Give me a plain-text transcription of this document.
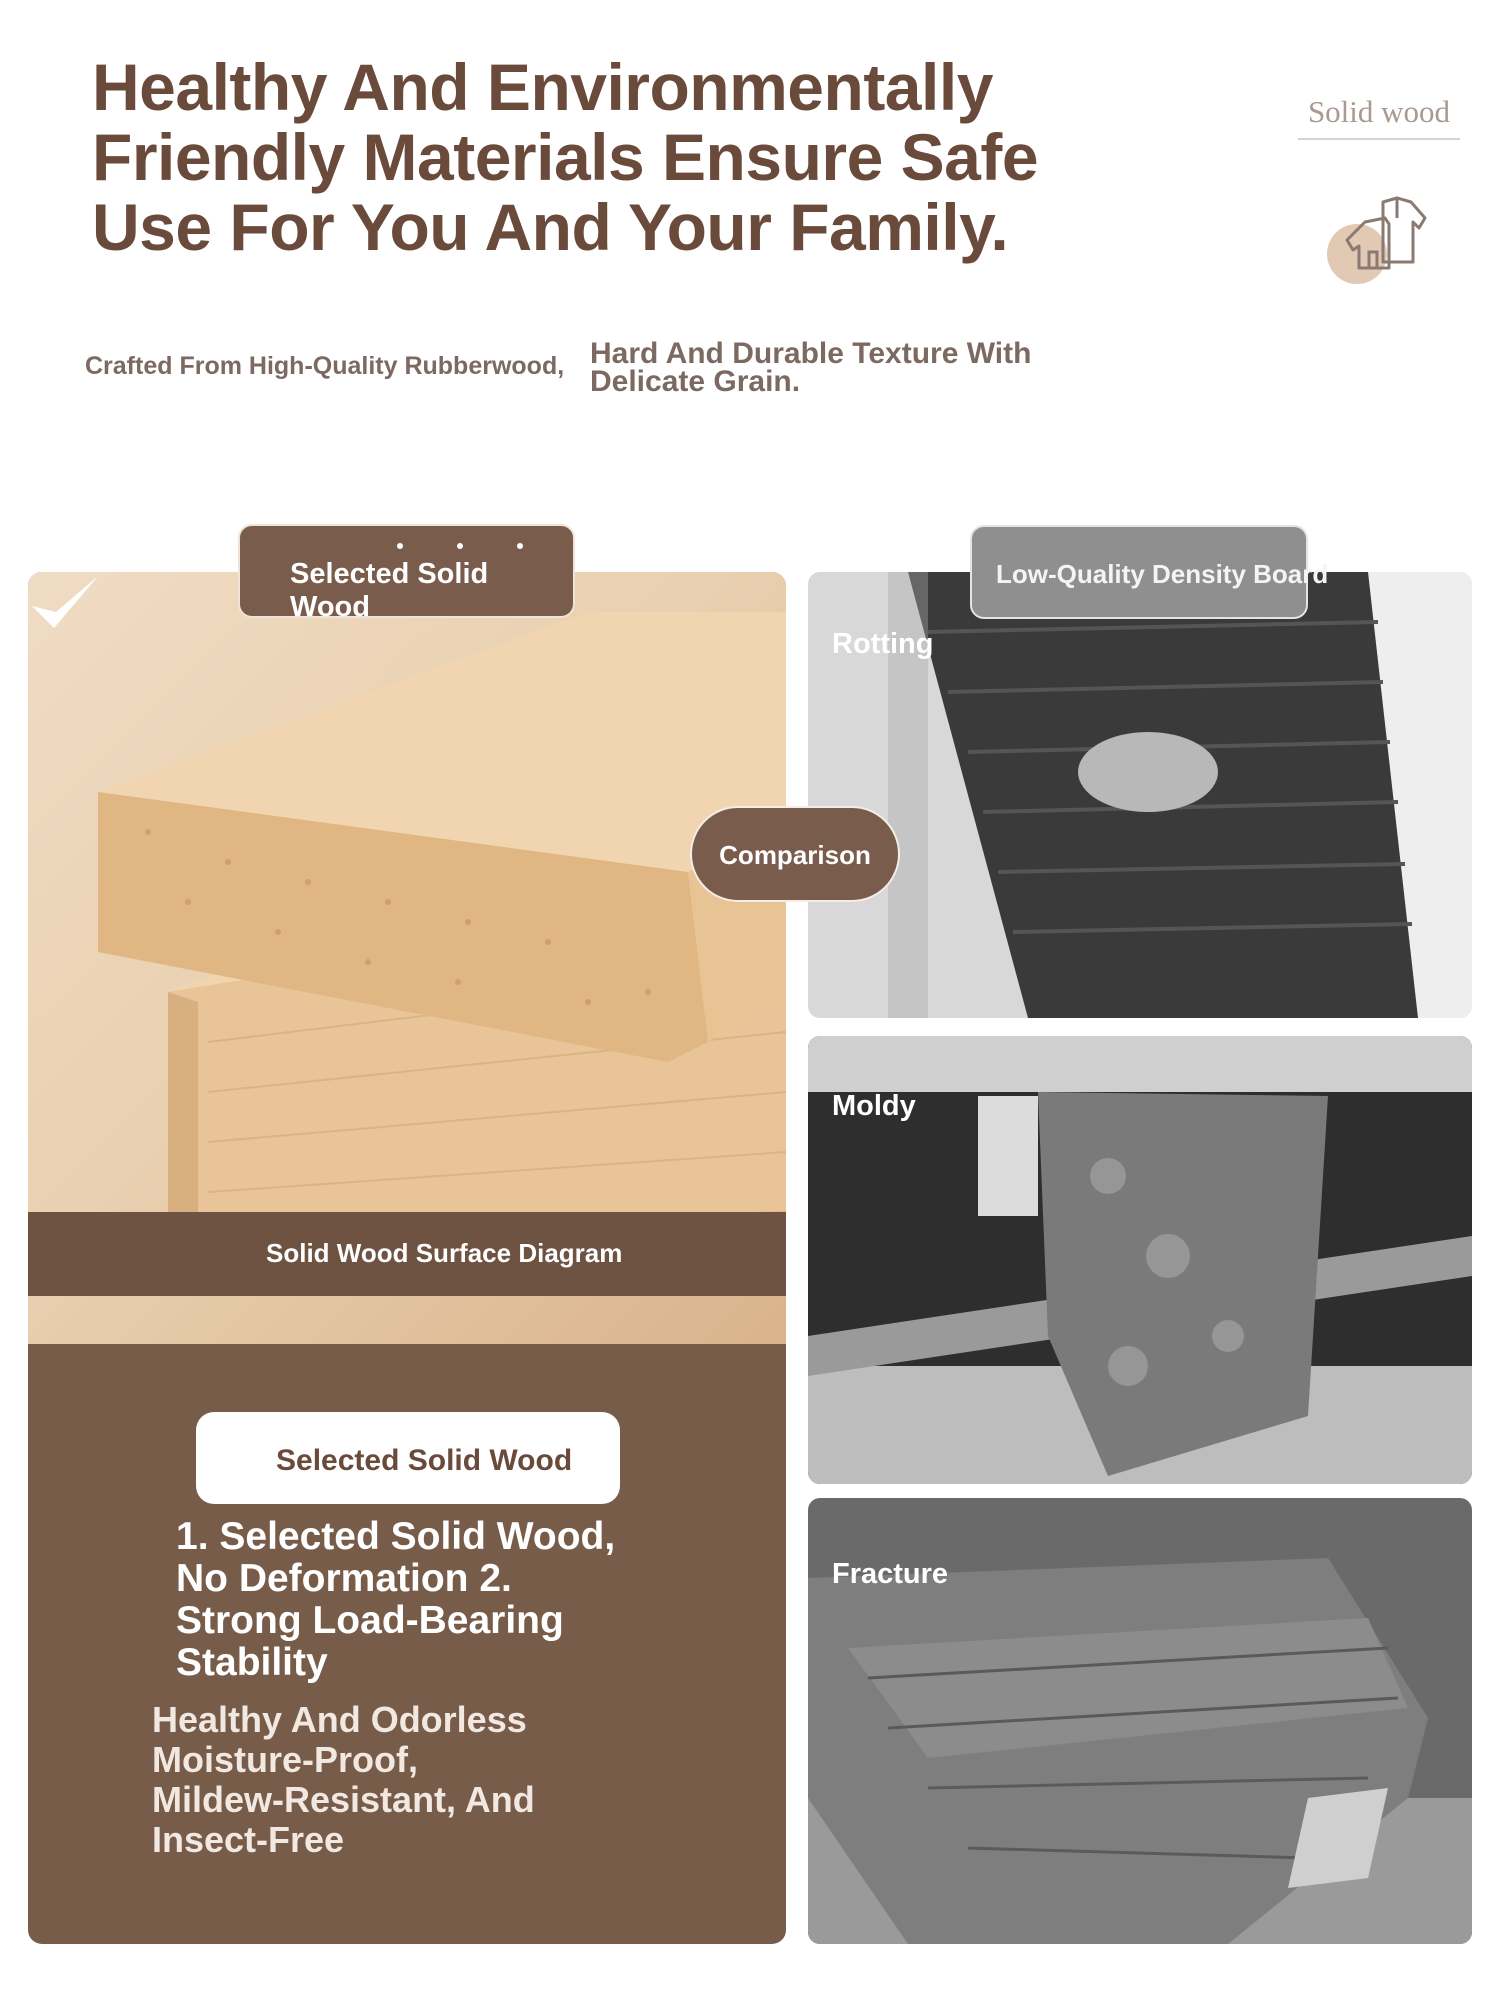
Healthy And Environmentally
Friendly Materials Ensure Safe
Use For You And Your Family.
Solid wood
Crafted From High-Quality Rubberwood, Hard And Durable Texture With
Delicate Grain.
Solid Wood Surface Diagram
Selected Solid Wood
1. Selected Solid Wood,
No Deformation 2.
Strong Load-Bearing
Stability
Healthy And Odorless
Moisture-Proof,
Mildew-Resistant, And
Insect-Free
Selected Solid Wood
Rotting
Moldy
Fracture
Low-Quality Density Board
Comparison
